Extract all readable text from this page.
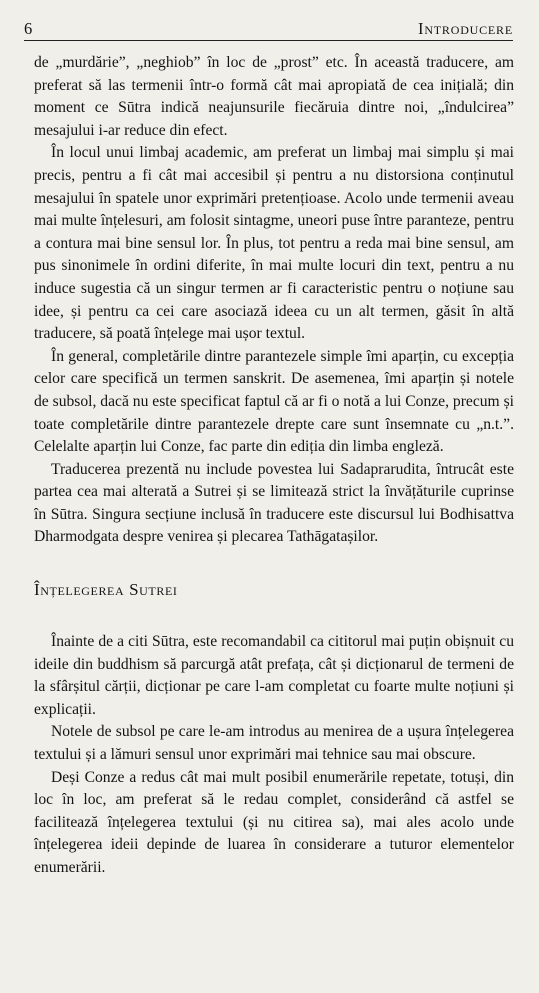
6	Introducere

de „murdărie”, „neghiob” în loc de „prost” etc. În această traducere, am preferat să las termenii într-o formă cât mai apropiată de cea inițială; din moment ce Sūtra indică neajunsurile fiecăruia dintre noi, „îndulcirea” mesajului i-ar reduce din efect.

În locul unui limbaj academic, am preferat un limbaj mai simplu și mai precis, pentru a fi cât mai accesibil și pentru a nu distorsiona conținutul mesajului în spatele unor exprimări pretențioase. Acolo unde termenii aveau mai multe înțelesuri, am folosit sintagme, uneori puse între paranteze, pentru a contura mai bine sensul lor. În plus, tot pentru a reda mai bine sensul, am pus sinonimele în ordini diferite, în mai multe locuri din text, pentru a nu induce sugestia că un singur termen ar fi caracteristic pentru o noțiune sau idee, și pentru ca cei care asociază ideea cu un alt termen, găsit în altă traducere, să poată înțelege mai ușor textul.

În general, completările dintre parantezele simple îmi aparțin, cu excepția celor care specifică un termen sanskrit. De asemenea, îmi aparțin și notele de subsol, dacă nu este specificat faptul că ar fi o notă a lui Conze, precum și toate completările dintre parantezele drepte care sunt însemnate cu „n.t.”. Celelalte aparțin lui Conze, fac parte din ediția din limba engleză.

Traducerea prezentă nu include povestea lui Sadaprarudita, întrucât este partea cea mai alterată a Sutrei și se limitează strict la învățăturile cuprinse în Sūtra. Singura secțiune inclusă în traducere este discursul lui Bodhisattva Dharmodgata despre venirea și plecarea Tathāgatașilor.

Înțelegerea Sutrei

Înainte de a citi Sūtra, este recomandabil ca cititorul mai puțin obișnuit cu ideile din buddhism să parcurgă atât prefața, cât și dicționarul de termeni de la sfârșitul cărții, dicționar pe care l-am completat cu foarte multe noțiuni și explicații.

Notele de subsol pe care le-am introdus au menirea de a ușura înțelegerea textului și a lămuri sensul unor exprimări mai tehnice sau mai obscure.

Deși Conze a redus cât mai mult posibil enumerările repetate, totuși, din loc în loc, am preferat să le redau complet, considerând că astfel se facilitează înțelegerea textului (și nu citirea sa), mai ales acolo unde înțelegerea ideii depinde de luarea în considerare a tuturor elementelor enumerării.
